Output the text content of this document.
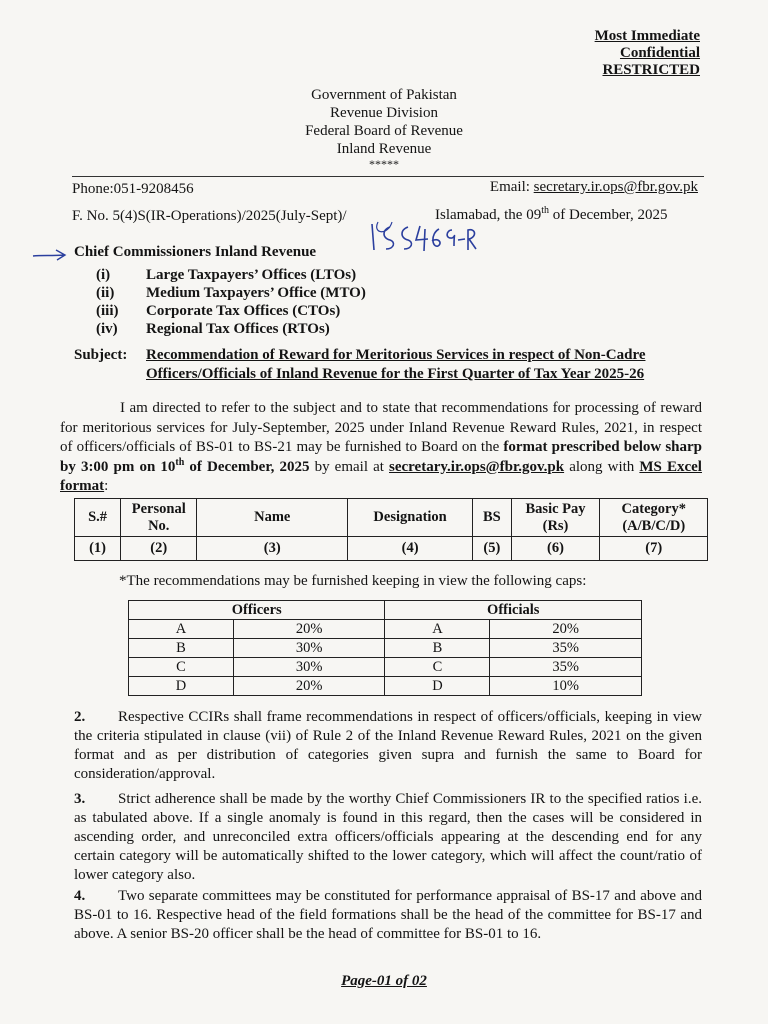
Most Immediate
Confidential
RESTRICTED
Government of Pakistan
Revenue Division
Federal Board of Revenue
Inland Revenue
*****
Phone:051-9208456	Email: secretary.ir.ops@fbr.gov.pk
F. No. 5(4)S(IR-Operations)/2025(July-Sept)/	Islamabad, the 09th of December, 2025
Chief Commissioners Inland Revenue
(i) Large Taxpayers’ Offices (LTOs)
(ii) Medium Taxpayers’ Office (MTO)
(iii) Corporate Tax Offices (CTOs)
(iv) Regional Tax Offices (RTOs)
Subject: Recommendation of Reward for Meritorious Services in respect of Non-Cadre
Officers/Officials of Inland Revenue for the First Quarter of Tax Year 2025-26
I am directed to refer to the subject and to state that recommendations for processing of reward for meritorious services for July-September, 2025 under Inland Revenue Reward Rules, 2021, in respect of officers/officials of BS-01 to BS-21 may be furnished to Board on the format prescribed below sharp by 3:00 pm on 10th of December, 2025 by email at secretary.ir.ops@fbr.gov.pk along with MS Excel format:
S.#	Personal No.	Name	Designation	BS	Basic Pay (Rs)	Category* (A/B/C/D)
(1)	(2)	(3)	(4)	(5)	(6)	(7)
*The recommendations may be furnished keeping in view the following caps:
Officers		Officials	
A	20%	A	20%
B	30%	B	35%
C	30%	C	35%
D	20%	D	10%
2. Respective CCIRs shall frame recommendations in respect of officers/officials, keeping in view the criteria stipulated in clause (vii) of Rule 2 of the Inland Revenue Reward Rules, 2021 on the given format and as per distribution of categories given supra and furnish the same to Board for consideration/approval.
3. Strict adherence shall be made by the worthy Chief Commissioners IR to the specified ratios i.e. as tabulated above. If a single anomaly is found in this regard, then the cases will be considered in ascending order, and unreconciled extra officers/officials appearing at the descending end for any certain category will be automatically shifted to the lower category, which will affect the count/ratio of lower category also.
4. Two separate committees may be constituted for performance appraisal of BS-17 and above and BS-01 to 16. Respective head of the field formations shall be the head of the committee for BS-17 and above. A senior BS-20 officer shall be the head of committee for BS-01 to 16.
Page-01 of 02
